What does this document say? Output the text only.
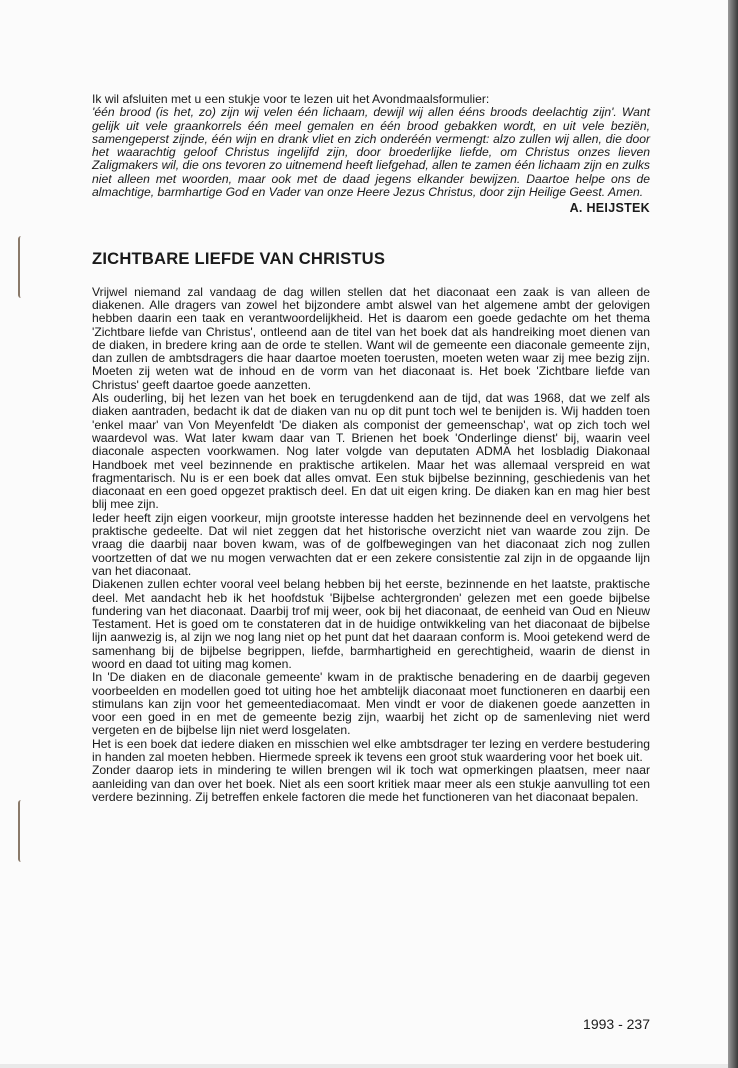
Ik wil afsluiten met u een stukje voor te lezen uit het Avondmaalsformulier:

'één brood (is het, zo) zijn wij velen één lichaam, dewijl wij allen ééns broods deelachtig zijn'. Want gelijk uit vele graankorrels één meel gemalen en één brood gebakken wordt, en uit vele beziën, samengeperst zijnde, één wijn en drank vliet en zich onderéén vermengt: alzo zullen wij allen, die door het waarachtig geloof Christus ingelijfd zijn, door broederlijke liefde, om Christus onzes lieven Zaligmakers wil, die ons tevoren zo uitnemend heeft liefgehad, allen te zamen één lichaam zijn en zulks niet alleen met woorden, maar ook met de daad jegens elkander bewijzen. Daartoe helpe ons de almachtige, barmhartige God en Vader van onze Heere Jezus Christus, door zijn Heilige Geest. Amen.

A. HEIJSTEK

ZICHTBARE LIEFDE VAN CHRISTUS

Vrijwel niemand zal vandaag de dag willen stellen dat het diaconaat een zaak is van alleen de diakenen. Alle dragers van zowel het bijzondere ambt alswel van het algemene ambt der gelovigen hebben daarin een taak en verantwoordelijkheid. Het is daarom een goede gedachte om het thema 'Zichtbare liefde van Christus', ontleend aan de titel van het boek dat als handreiking moet dienen van de diaken, in bredere kring aan de orde te stellen. Want wil de gemeente een diaconale gemeente zijn, dan zullen de ambtsdragers die haar daartoe moeten toerusten, moeten weten waar zij mee bezig zijn. Moeten zij weten wat de inhoud en de vorm van het diaconaat is. Het boek 'Zichtbare liefde van Christus' geeft daartoe goede aanzetten.

Als ouderling, bij het lezen van het boek en terugdenkend aan de tijd, dat was 1968, dat we zelf als diaken aantraden, bedacht ik dat de diaken van nu op dit punt toch wel te benijden is. Wij hadden toen 'enkel maar' van Von Meyenfeldt 'De diaken als componist der gemeenschap', wat op zich toch wel waardevol was. Wat later kwam daar van T. Brienen het boek 'Onderlinge dienst' bij, waarin veel diaconale aspecten voorkwamen. Nog later volgde van deputaten ADMA het losbladig Diakonaal Handboek met veel bezinnende en praktische artikelen. Maar het was allemaal verspreid en wat fragmentarisch. Nu is er een boek dat alles omvat. Een stuk bijbelse bezinning, geschiedenis van het diaconaat en een goed opgezet praktisch deel. En dat uit eigen kring. De diaken kan en mag hier best blij mee zijn.

Ieder heeft zijn eigen voorkeur, mijn grootste interesse hadden het bezinnende deel en vervolgens het praktische gedeelte. Dat wil niet zeggen dat het historische overzicht niet van waarde zou zijn. De vraag die daarbij naar boven kwam, was of de golfbewegingen van het diaconaat zich nog zullen voortzetten of dat we nu mogen verwachten dat er een zekere consistentie zal zijn in de opgaande lijn van het diaconaat.

Diakenen zullen echter vooral veel belang hebben bij het eerste, bezinnende en het laatste, praktische deel. Met aandacht heb ik het hoofdstuk 'Bijbelse achtergronden' gelezen met een goede bijbelse fundering van het diaconaat. Daarbij trof mij weer, ook bij het diaconaat, de eenheid van Oud en Nieuw Testament. Het is goed om te constateren dat in de huidige ontwikkeling van het diaconaat de bijbelse lijn aanwezig is, al zijn we nog lang niet op het punt dat het daaraan conform is. Mooi getekend werd de samenhang bij de bijbelse begrippen, liefde, barmhartigheid en gerechtigheid, waarin de dienst in woord en daad tot uiting mag komen.

In 'De diaken en de diaconale gemeente' kwam in de praktische benadering en de daarbij gegeven voorbeelden en modellen goed tot uiting hoe het ambtelijk diaconaat moet functioneren en daarbij een stimulans kan zijn voor het gemeentediacomaat. Men vindt er voor de diakenen goede aanzetten in voor een goed in en met de gemeente bezig zijn, waarbij het zicht op de samenleving niet werd vergeten en de bijbelse lijn niet werd losgelaten.

Het is een boek dat iedere diaken en misschien wel elke ambtsdrager ter lezing en verdere bestudering in handen zal moeten hebben. Hiermede spreek ik tevens een groot stuk waardering voor het boek uit.

Zonder daarop iets in mindering te willen brengen wil ik toch wat opmerkingen plaatsen, meer naar aanleiding van dan over het boek. Niet als een soort kritiek maar meer als een stukje aanvulling tot een verdere bezinning. Zij betreffen enkele factoren die mede het functioneren van het diaconaat bepalen.

1993 - 237
